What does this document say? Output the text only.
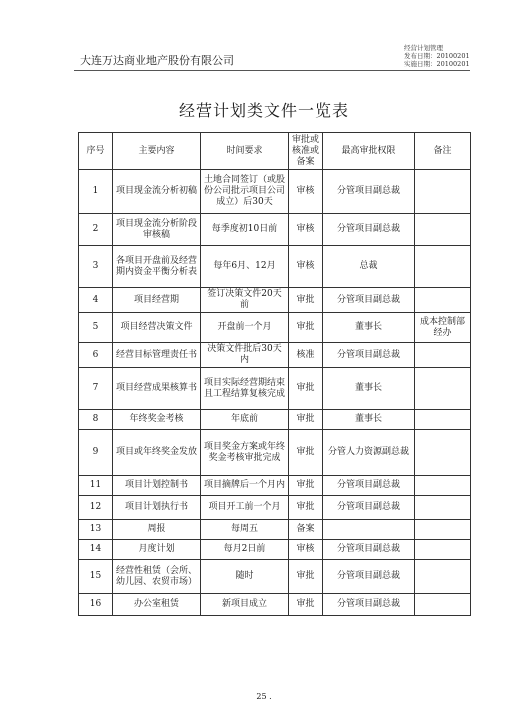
大连万达商业地产股份有限公司
经营计划管理
发布日期：20100201
实施日期：20100201
经营计划类文件一览表
序号	主要内容	时间要求	审批或核准或备案	最高审批权限	备注
1	项目现金流分析初稿	土地合同签订（或股份公司批示项目公司成立）后30天	审核	分管项目副总裁	
2	项目现金流分析阶段审核稿	每季度初10日前	审核	分管项目副总裁	
3	各项目开盘前及经营期内资金平衡分析表	每年6月、12月	审核	总裁	
4	项目经营期	签订决策文件20天前	审批	分管项目副总裁	
5	项目经营决策文件	开盘前一个月	审批	董事长	成本控制部经办
6	经营目标管理责任书	决策文件批后30天内	核准	分管项目副总裁	
7	项目经营成果核算书	项目实际经营期结束且工程结算复核完成	审批	董事长	
8	年终奖金考核	年底前	审批	董事长	
9	项目或年终奖金发放	项目奖金方案或年终奖金考核审批完成	审批	分管人力资源副总裁	
11	项目计划控制书	项目摘牌后一个月内	审批	分管项目副总裁	
12	项目计划执行书	项目开工前一个月	审批	分管项目副总裁	
13	周报	每周五	备案		
14	月度计划	每月2日前	审核	分管项目副总裁	
15	经营性租赁（会所、幼儿园、农贸市场）	随时	审批	分管项目副总裁	
16	办公室租赁	新项目成立	审批	分管项目副总裁	
25 .
